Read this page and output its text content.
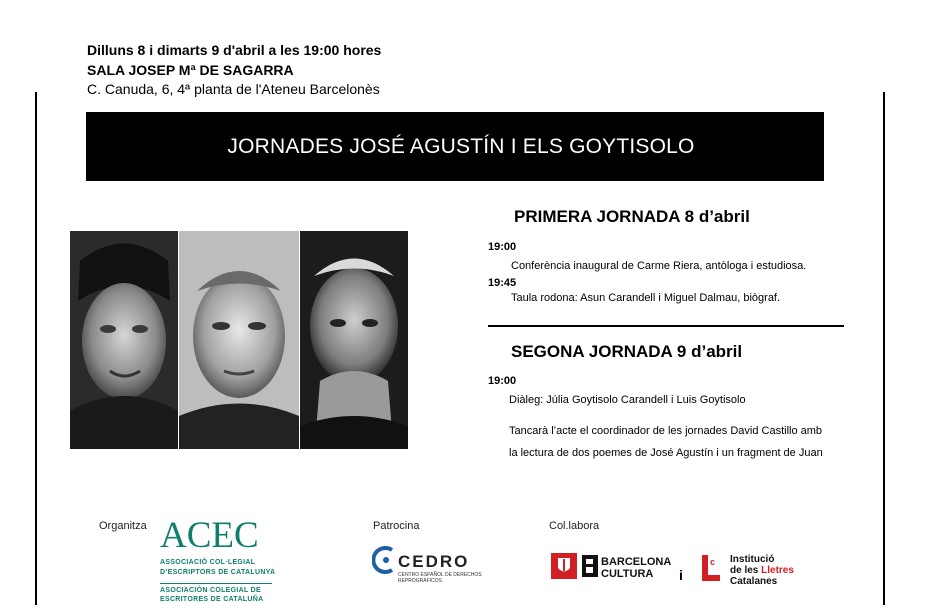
Dilluns 8 i dimarts 9 d'abril a les 19:00 hores
SALA JOSEP Mª DE SAGARRA
C. Canuda, 6, 4ª planta de l'Ateneu Barcelonès
JORNADES JOSÉ AGUSTÍN I ELS GOYTISOLO
PRIMERA JORNADA 8 d’abril
19:00
Conferència inaugural de Carme Riera, antòloga i estudiosa.
19:45
Taula rodona: Asun Carandell i Miguel Dalmau, biògraf.
SEGONA JORNADA 9 d’abril
19:00
Diàleg: Júlia Goytisolo Carandell i Luis Goytisolo
Tancarà l’acte el coordinador de les jornades David Castillo amb
la lectura de dos poemes de José Agustín i un fragment de Juan
Organitza	Patrocina	Col.labora
ACEC
ASSOCIACIÓ COL·LEGIAL
D’ESCRIPTORS DE CATALUNYA
ASOCIACIÓN COLEGIAL DE
ESCRITORES DE CATALUÑA
CEDRO
CENTRO ESPAÑOL DE DERECHOS
REPROGRÁFICOS
BARCELONA
CULTURA i
c Institució
de les Lletres
Catalanes
